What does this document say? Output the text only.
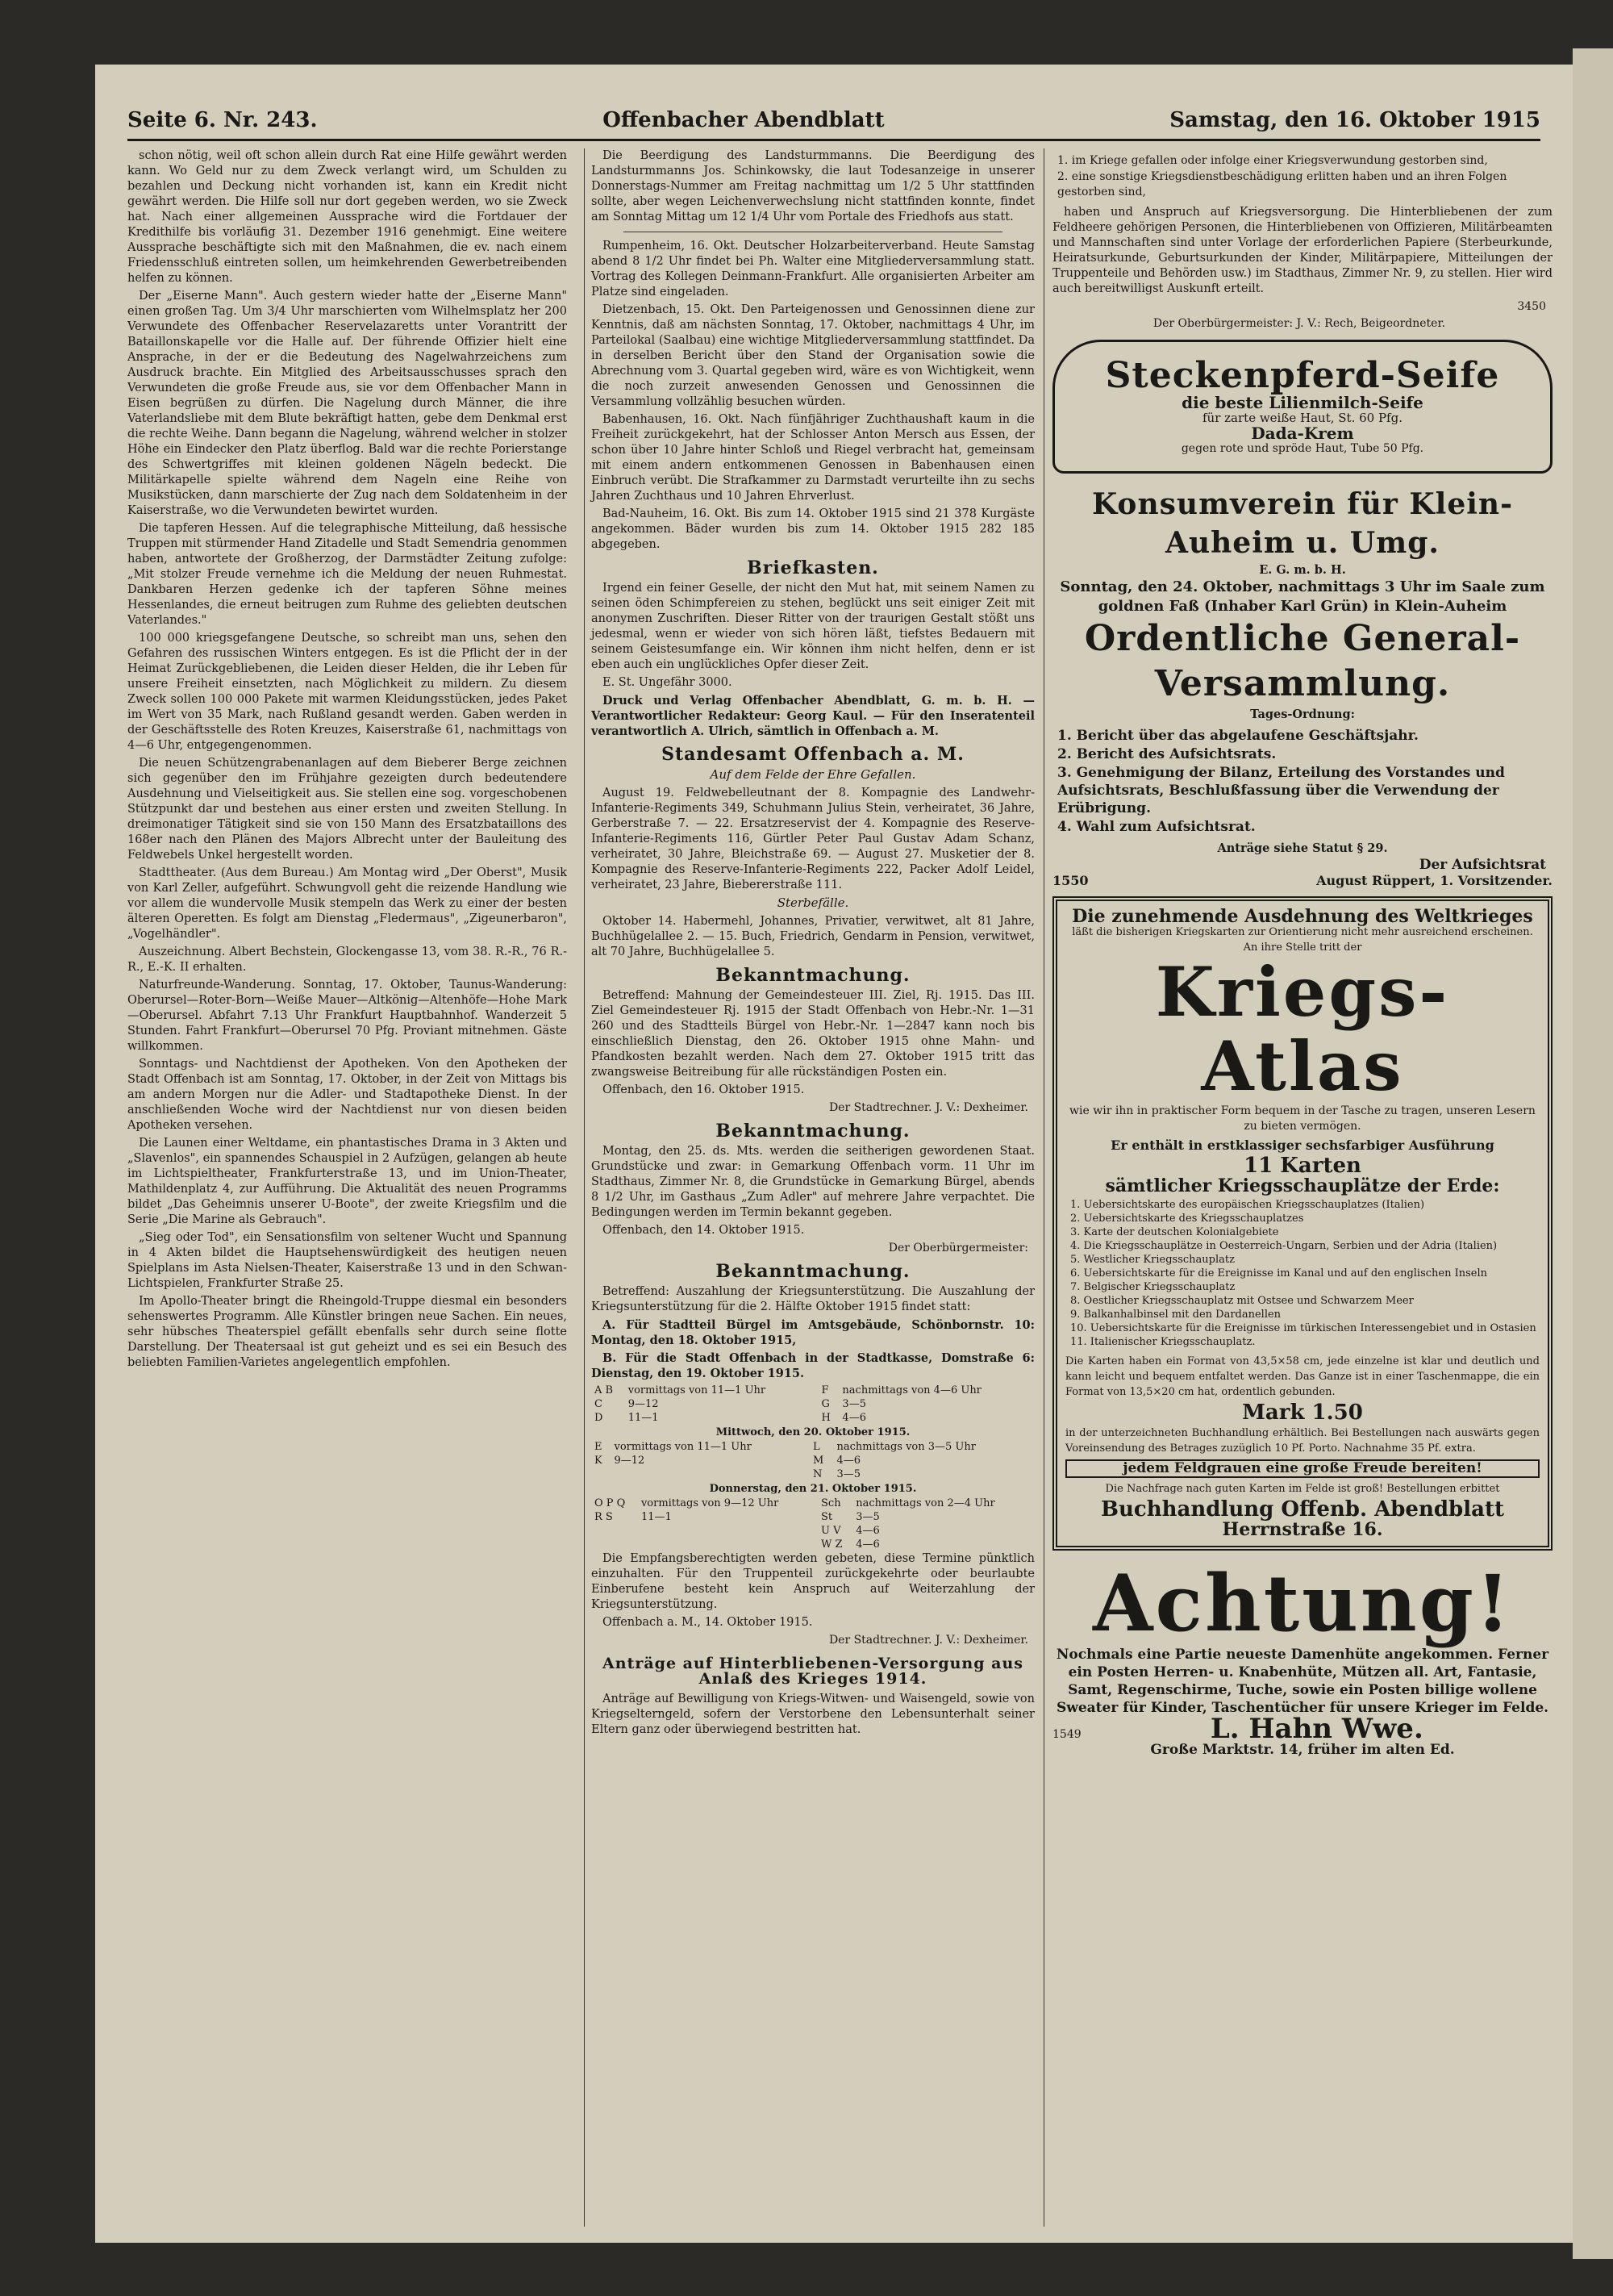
Seite 6. Nr. 243.	Offenbacher Abendblatt	Samstag, den 16. Oktober 1915

schon nötig, weil oft schon allein durch Rat eine Hilfe gewährt werden kann. Wo Geld nur zu dem Zweck verlangt wird, um Schulden zu bezahlen und Deckung nicht vorhanden ist, kann ein Kredit nicht gewährt werden. Die Hilfe soll nur dort gegeben werden, wo sie Zweck hat. Nach einer allgemeinen Aussprache wird die Fortdauer der Kredithilfe bis vorläufig 31. Dezember 1916 genehmigt. Eine weitere Aussprache beschäftigte sich mit den Maßnahmen, die ev. nach einem Friedensschluß eintreten sollen, um heimkehrenden Gewerbetreibenden helfen zu können.

Der „Eiserne Mann". Auch gestern wieder hatte der „Eiserne Mann" einen großen Tag. Um 3/4 Uhr marschierten vom Wilhelmsplatz her 200 Verwundete des Offenbacher Reservelazaretts unter Vorantritt der Bataillonskapelle vor die Halle auf. Der führende Offizier hielt eine Ansprache, in der er die Bedeutung des Nagelwahrzeichens zum Ausdruck brachte. Ein Mitglied des Arbeitsausschusses sprach den Verwundeten die große Freude aus, sie vor dem Offenbacher Mann in Eisen begrüßen zu dürfen. Die Nagelung durch Männer, die ihre Vaterlandsliebe mit dem Blute bekräftigt hatten, gebe dem Denkmal erst die rechte Weihe. Dann begann die Nagelung, während welcher in stolzer Höhe ein Eindecker den Platz überflog. Bald war die rechte Porierstange des Schwertgriffes mit kleinen goldenen Nägeln bedeckt. Die Militärkapelle spielte während dem Nageln eine Reihe von Musikstücken, dann marschierte der Zug nach dem Soldatenheim in der Kaiserstraße, wo die Verwundeten bewirtet wurden.

Die tapferen Hessen. Auf die telegraphische Mitteilung, daß hessische Truppen mit stürmender Hand Zitadelle und Stadt Semendria genommen haben, antwortete der Großherzog, der Darmstädter Zeitung zufolge: „Mit stolzer Freude vernehme ich die Meldung der neuen Ruhmestat. Dankbaren Herzen gedenke ich der tapferen Söhne meines Hessenlandes, die erneut beitrugen zum Ruhme des geliebten deutschen Vaterlandes."

100 000 kriegsgefangene Deutsche, so schreibt man uns, sehen den Gefahren des russischen Winters entgegen. Es ist die Pflicht der in der Heimat Zurückgebliebenen, die Leiden dieser Helden, die ihr Leben für unsere Freiheit einsetzten, nach Möglichkeit zu mildern. Zu diesem Zweck sollen 100 000 Pakete mit warmen Kleidungsstücken, jedes Paket im Wert von 35 Mark, nach Rußland gesandt werden. Gaben werden in der Geschäftsstelle des Roten Kreuzes, Kaiserstraße 61, nachmittags von 4—6 Uhr, entgegengenommen.

Die neuen Schützengrabenanlagen auf dem Bieberer Berge zeichnen sich gegenüber den im Frühjahre gezeigten durch bedeutendere Ausdehnung und Vielseitigkeit aus. Sie stellen eine sog. vorgeschobenen Stützpunkt dar und bestehen aus einer ersten und zweiten Stellung. In dreimonatiger Tätigkeit sind sie von 150 Mann des Ersatzbataillons des 168er nach den Plänen des Majors Albrecht unter der Bauleitung des Feldwebels Unkel hergestellt worden.

Stadttheater. (Aus dem Bureau.) Am Montag wird „Der Oberst", Musik von Karl Zeller, aufgeführt. Schwungvoll geht die reizende Handlung wie vor allem die wundervolle Musik stempeln das Werk zu einer der besten älteren Operetten. Es folgt am Dienstag „Fledermaus", „Zigeunerbaron", „Vogelhändler".

Auszeichnung. Albert Bechstein, Glockengasse 13, vom 38. R.-R., 76 R.-R., E.-K. II erhalten.

Naturfreunde-Wanderung. Sonntag, 17. Oktober, Taunus-Wanderung: Oberursel—Roter-Born—Weiße Mauer—Altkönig—Altenhöfe—Hohe Mark—Oberursel. Abfahrt 7.13 Uhr Frankfurt Hauptbahnhof. Wanderzeit 5 Stunden. Fahrt Frankfurt—Oberursel 70 Pfg. Proviant mitnehmen. Gäste willkommen.

Sonntags- und Nachtdienst der Apotheken. Von den Apotheken der Stadt Offenbach ist am Sonntag, 17. Oktober, in der Zeit von Mittags bis am andern Morgen nur die Adler- und Stadtapotheke Dienst. In der anschließenden Woche wird der Nachtdienst nur von diesen beiden Apotheken versehen.

Die Launen einer Weltdame, ein phantastisches Drama in 3 Akten und „Slavenlos", ein spannendes Schauspiel in 2 Aufzügen, gelangen ab heute im Lichtspieltheater, Frankfurterstraße 13, und im Union-Theater, Mathildenplatz 4, zur Aufführung. Die Aktualität des neuen Programms bildet „Das Geheimnis unserer U-Boote", der zweite Kriegsfilm und die Serie „Die Marine als Gebrauch".

„Sieg oder Tod", ein Sensationsfilm von seltener Wucht und Spannung in 4 Akten bildet die Hauptsehenswürdigkeit des heutigen neuen Spielplans im Asta Nielsen-Theater, Kaiserstraße 13 und in den Schwan-Lichtspielen, Frankfurter Straße 25.

Im Apollo-Theater bringt die Rheingold-Truppe diesmal ein besonders sehenswertes Programm. Alle Künstler bringen neue Sachen. Ein neues, sehr hübsches Theaterspiel gefällt ebenfalls sehr durch seine flotte Darstellung. Der Theatersaal ist gut geheizt und es sei ein Besuch des beliebten Familien-Varietes angelegentlich empfohlen.

Die Beerdigung des Landsturmmanns. Die Beerdigung des Landsturmmanns Jos. Schinkowsky, die laut Todesanzeige in unserer Donnerstags-Nummer am Freitag nachmittag um 1/2 5 Uhr stattfinden sollte, aber wegen Leichenverwechslung nicht stattfinden konnte, findet am Sonntag Mittag um 12 1/4 Uhr vom Portale des Friedhofs aus statt.

Rumpenheim, 16. Okt. Deutscher Holzarbeiterverband. Heute Samstag abend 8 1/2 Uhr findet bei Ph. Walter eine Mitgliederversammlung statt. Vortrag des Kollegen Deinmann-Frankfurt. Alle organisierten Arbeiter am Platze sind eingeladen.

Dietzenbach, 15. Okt. Den Parteigenossen und Genossinnen diene zur Kenntnis, daß am nächsten Sonntag, 17. Oktober, nachmittags 4 Uhr, im Parteilokal (Saalbau) eine wichtige Mitgliederversammlung stattfindet. Da in derselben Bericht über den Stand der Organisation sowie die Abrechnung vom 3. Quartal gegeben wird, wäre es von Wichtigkeit, wenn die noch zurzeit anwesenden Genossen und Genossinnen die Versammlung vollzählig besuchen würden.

Babenhausen, 16. Okt. Nach fünfjähriger Zuchthaushaft kaum in die Freiheit zurückgekehrt, hat der Schlosser Anton Mersch aus Essen, der schon über 10 Jahre hinter Schloß und Riegel verbracht hat, gemeinsam mit einem andern entkommenen Genossen in Babenhausen einen Einbruch verübt. Die Strafkammer zu Darmstadt verurteilte ihn zu sechs Jahren Zuchthaus und 10 Jahren Ehrverlust.

Bad-Nauheim, 16. Okt. Bis zum 14. Oktober 1915 sind 21 378 Kurgäste angekommen. Bäder wurden bis zum 14. Oktober 1915 282 185 abgegeben.

Briefkasten.

Irgend ein feiner Geselle, der nicht den Mut hat, mit seinem Namen zu seinen öden Schimpfereien zu stehen, beglückt uns seit einiger Zeit mit anonymen Zuschriften. Dieser Ritter von der traurigen Gestalt stößt uns jedesmal, wenn er wieder von sich hören läßt, tiefstes Bedauern mit seinem Geistesumfange ein. Wir können ihm nicht helfen, denn er ist eben auch ein unglückliches Opfer dieser Zeit.

E. St. Ungefähr 3000.

Druck und Verlag Offenbacher Abendblatt, G. m. b. H. — Verantwortlicher Redakteur: Georg Kaul. — Für den Inseratenteil verantwortlich A. Ulrich, sämtlich in Offenbach a. M.

Standesamt Offenbach a. M.
Auf dem Felde der Ehre Gefallen.

August 19. Feldwebelleutnant der 8. Kompagnie des Landwehr-Infanterie-Regiments 349, Schuhmann Julius Stein, verheiratet, 36 Jahre, Gerberstraße 7. — 22. Ersatzreservist der 4. Kompagnie des Reserve-Infanterie-Regiments 116, Gürtler Peter Paul Gustav Adam Schanz, verheiratet, 30 Jahre, Bleichstraße 69. — August 27. Musketier der 8. Kompagnie des Reserve-Infanterie-Regiments 222, Packer Adolf Leidel, verheiratet, 23 Jahre, Biebererstraße 111.

Sterbefälle.

Oktober 14. Habermehl, Johannes, Privatier, verwitwet, alt 81 Jahre, Buchhügelallee 2. — 15. Buch, Friedrich, Gendarm in Pension, verwitwet, alt 70 Jahre, Buchhügelallee 5.

Bekanntmachung.

Betreffend: Mahnung der Gemeindesteuer III. Ziel, Rj. 1915. Das III. Ziel Gemeindesteuer Rj. 1915 der Stadt Offenbach von Hebr.-Nr. 1—31 260 und des Stadtteils Bürgel von Hebr.-Nr. 1—2847 kann noch bis einschließlich Dienstag, den 26. Oktober 1915 ohne Mahn- und Pfandkosten bezahlt werden. Nach dem 27. Oktober 1915 tritt das zwangsweise Beitreibung für alle rückständigen Posten ein.

Offenbach, den 16. Oktober 1915.

Der Stadtrechner. J. V.: Dexheimer.
Bekanntmachung.

Montag, den 25. ds. Mts. werden die seitherigen gewordenen Staat. Grundstücke und zwar: in Gemarkung Offenbach vorm. 11 Uhr im Stadthaus, Zimmer Nr. 8, die Grundstücke in Gemarkung Bürgel, abends 8 1/2 Uhr, im Gasthaus „Zum Adler" auf mehrere Jahre verpachtet. Die Bedingungen werden im Termin bekannt gegeben.

Offenbach, den 14. Oktober 1915.

Der Oberbürgermeister:
Bekanntmachung.

Betreffend: Auszahlung der Kriegsunterstützung. Die Auszahlung der Kriegsunterstützung für die 2. Hälfte Oktober 1915 findet statt:

A. Für Stadtteil Bürgel im Amtsgebäude, Schönbornstr. 10: Montag, den 18. Oktober 1915,

B. Für die Stadt Offenbach in der Stadtkasse, Domstraße 6: Dienstag, den 19. Oktober 1915.

A B	vormittags von 11—1 Uhr	F	nachmittags von 4—6 Uhr
C	9—12	G	3—5
D	11—1	H	4—6
Mittwoch, den 20. Oktober 1915.
E	vormittags von 11—1 Uhr	L	nachmittags von 3—5 Uhr
K	9—12	M	4—6
		N	3—5
Donnerstag, den 21. Oktober 1915.
O P Q	vormittags von 9—12 Uhr	Sch	nachmittags von 2—4 Uhr
R S	11—1	St	3—5
		U V	4—6
		W Z	4—6

Die Empfangsberechtigten werden gebeten, diese Termine pünktlich einzuhalten. Für den Truppenteil zurückgekehrte oder beurlaubte Einberufene besteht kein Anspruch auf Weiterzahlung der Kriegsunterstützung.

Offenbach a. M., 14. Oktober 1915.

Der Stadtrechner. J. V.: Dexheimer.
Anträge auf Hinterbliebenen-Versorgung aus Anlaß des Krieges 1914.

Anträge auf Bewilligung von Kriegs-Witwen- und Waisengeld, sowie von Kriegselterngeld, sofern der Verstorbene den Lebensunterhalt seiner Eltern ganz oder überwiegend bestritten hat.

1. im Kriege gefallen oder infolge einer Kriegsverwundung gestorben sind,
2. eine sonstige Kriegsdienstbeschädigung erlitten haben und an ihren Folgen gestorben sind,

haben und Anspruch auf Kriegsversorgung. Die Hinterbliebenen der zum Feldheere gehörigen Personen, die Hinterbliebenen von Offizieren, Militärbeamten und Mannschaften sind unter Vorlage der erforderlichen Papiere (Sterbeurkunde, Heiratsurkunde, Geburtsurkunden der Kinder, Militärpapiere, Mitteilungen der Truppenteile und Behörden usw.) im Stadthaus, Zimmer Nr. 9, zu stellen. Hier wird auch bereitwilligst Auskunft erteilt.

3450
Der Oberbürgermeister: J. V.: Rech, Beigeordneter.
Steckenpferd-Seife
die beste Lilienmilch-Seife
für zarte weiße Haut, St. 60 Pfg.
Dada-Krem
gegen rote und spröde Haut, Tube 50 Pfg.
Konsumverein für Klein-Auheim u. Umg.
E. G. m. b. H.
Sonntag, den 24. Oktober, nachmittags 3 Uhr im Saale zum goldnen Faß (Inhaber Karl Grün) in Klein-Auheim
Ordentliche General-Versammlung.
Tages-Ordnung:
1. Bericht über das abgelaufene Geschäftsjahr.
2. Bericht des Aufsichtsrats.
3. Genehmigung der Bilanz, Erteilung des Vorstandes und Aufsichtsrats, Beschlußfassung über die Verwendung der Erübrigung.
4. Wahl zum Aufsichtsrat.
Anträge siehe Statut § 29.
Der Aufsichtsrat
1550	August Rüppert, 1. Vorsitzender.
Die zunehmende Ausdehnung des Weltkrieges
läßt die bisherigen Kriegskarten zur Orientierung nicht mehr ausreichend erscheinen. An ihre Stelle tritt der
Kriegs-Atlas
wie wir ihn in praktischer Form bequem in der Tasche zu tragen, unseren Lesern zu bieten vermögen.
Er enthält in erstklassiger sechsfarbiger Ausführung
11 Karten
sämtlicher Kriegsschauplätze der Erde:
1. Uebersichtskarte des europäischen Kriegsschauplatzes (Italien)
2. Uebersichtskarte des Kriegsschauplatzes
3. Karte der deutschen Kolonialgebiete
4. Die Kriegsschauplätze in Oesterreich-Ungarn, Serbien und der Adria (Italien)
5. Westlicher Kriegsschauplatz
6. Uebersichtskarte für die Ereignisse im Kanal und auf den englischen Inseln
7. Belgischer Kriegsschauplatz
8. Oestlicher Kriegsschauplatz mit Ostsee und Schwarzem Meer
9. Balkanhalbinsel mit den Dardanellen
10. Uebersichtskarte für die Ereignisse im türkischen Interessengebiet und in Ostasien
11. Italienischer Kriegsschauplatz.
Die Karten haben ein Format von 43,5×58 cm, jede einzelne ist klar und deutlich und kann leicht und bequem entfaltet werden. Das Ganze ist in einer Taschenmappe, die ein Format von 13,5×20 cm hat, ordentlich gebunden.
Mark 1.50
in der unterzeichneten Buchhandlung erhältlich. Bei Bestellungen nach auswärts gegen Voreinsendung des Betrages zuzüglich 10 Pf. Porto. Nachnahme 35 Pf. extra.
jedem Feldgrauen eine große Freude bereiten!
Die Nachfrage nach guten Karten im Felde ist groß! Bestellungen erbittet
Buchhandlung Offenb. Abendblatt
Herrnstraße 16.
Achtung!
Nochmals eine Partie neueste Damenhüte angekommen. Ferner ein Posten Herren- u. Knabenhüte, Mützen all. Art, Fantasie, Samt, Regenschirme, Tuche, sowie ein Posten billige wollene Sweater für Kinder, Taschentücher für unsere Krieger im Felde.
1549	L. Hahn Wwe.
Große Marktstr. 14, früher im alten Ed.
